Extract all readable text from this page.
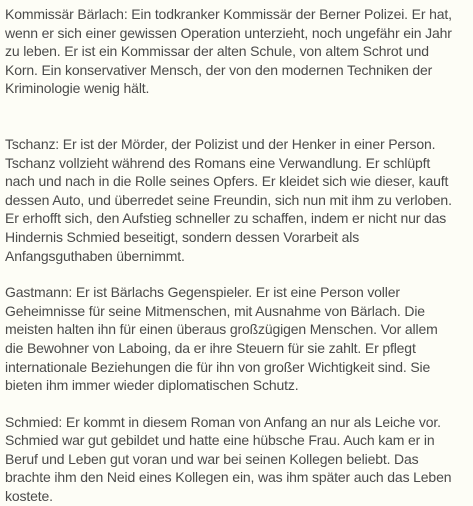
Kommissär Bärlach: Ein todkranker Kommissär der Berner Polizei. Er hat,
wenn er sich einer gewissen Operation unterzieht, noch ungefähr ein Jahr
zu leben. Er ist ein Kommissar der alten Schule, von altem Schrot und
Korn. Ein konservativer Mensch, der von den modernen Techniken der
Kriminologie wenig hält.

Tschanz: Er ist der Mörder, der Polizist und der Henker in einer Person.
Tschanz vollzieht während des Romans eine Verwandlung. Er schlüpft
nach und nach in die Rolle seines Opfers. Er kleidet sich wie dieser, kauft
dessen Auto, und überredet seine Freundin, sich nun mit ihm zu verloben.
Er erhofft sich, den Aufstieg schneller zu schaffen, indem er nicht nur das
Hindernis Schmied beseitigt, sondern dessen Vorarbeit als
Anfangsguthaben übernimmt.

Gastmann: Er ist Bärlachs Gegenspieler. Er ist eine Person voller
Geheimnisse für seine Mitmenschen, mit Ausnahme von Bärlach. Die
meisten halten ihn für einen überaus großzügigen Menschen. Vor allem
die Bewohner von Laboing, da er ihre Steuern für sie zahlt. Er pflegt
internationale Beziehungen die für ihn von großer Wichtigkeit sind. Sie
bieten ihm immer wieder diplomatischen Schutz.

Schmied: Er kommt in diesem Roman von Anfang an nur als Leiche vor.
Schmied war gut gebildet und hatte eine hübsche Frau. Auch kam er in
Beruf und Leben gut voran und war bei seinen Kollegen beliebt. Das
brachte ihm den Neid eines Kollegen ein, was ihm später auch das Leben
kostete.
